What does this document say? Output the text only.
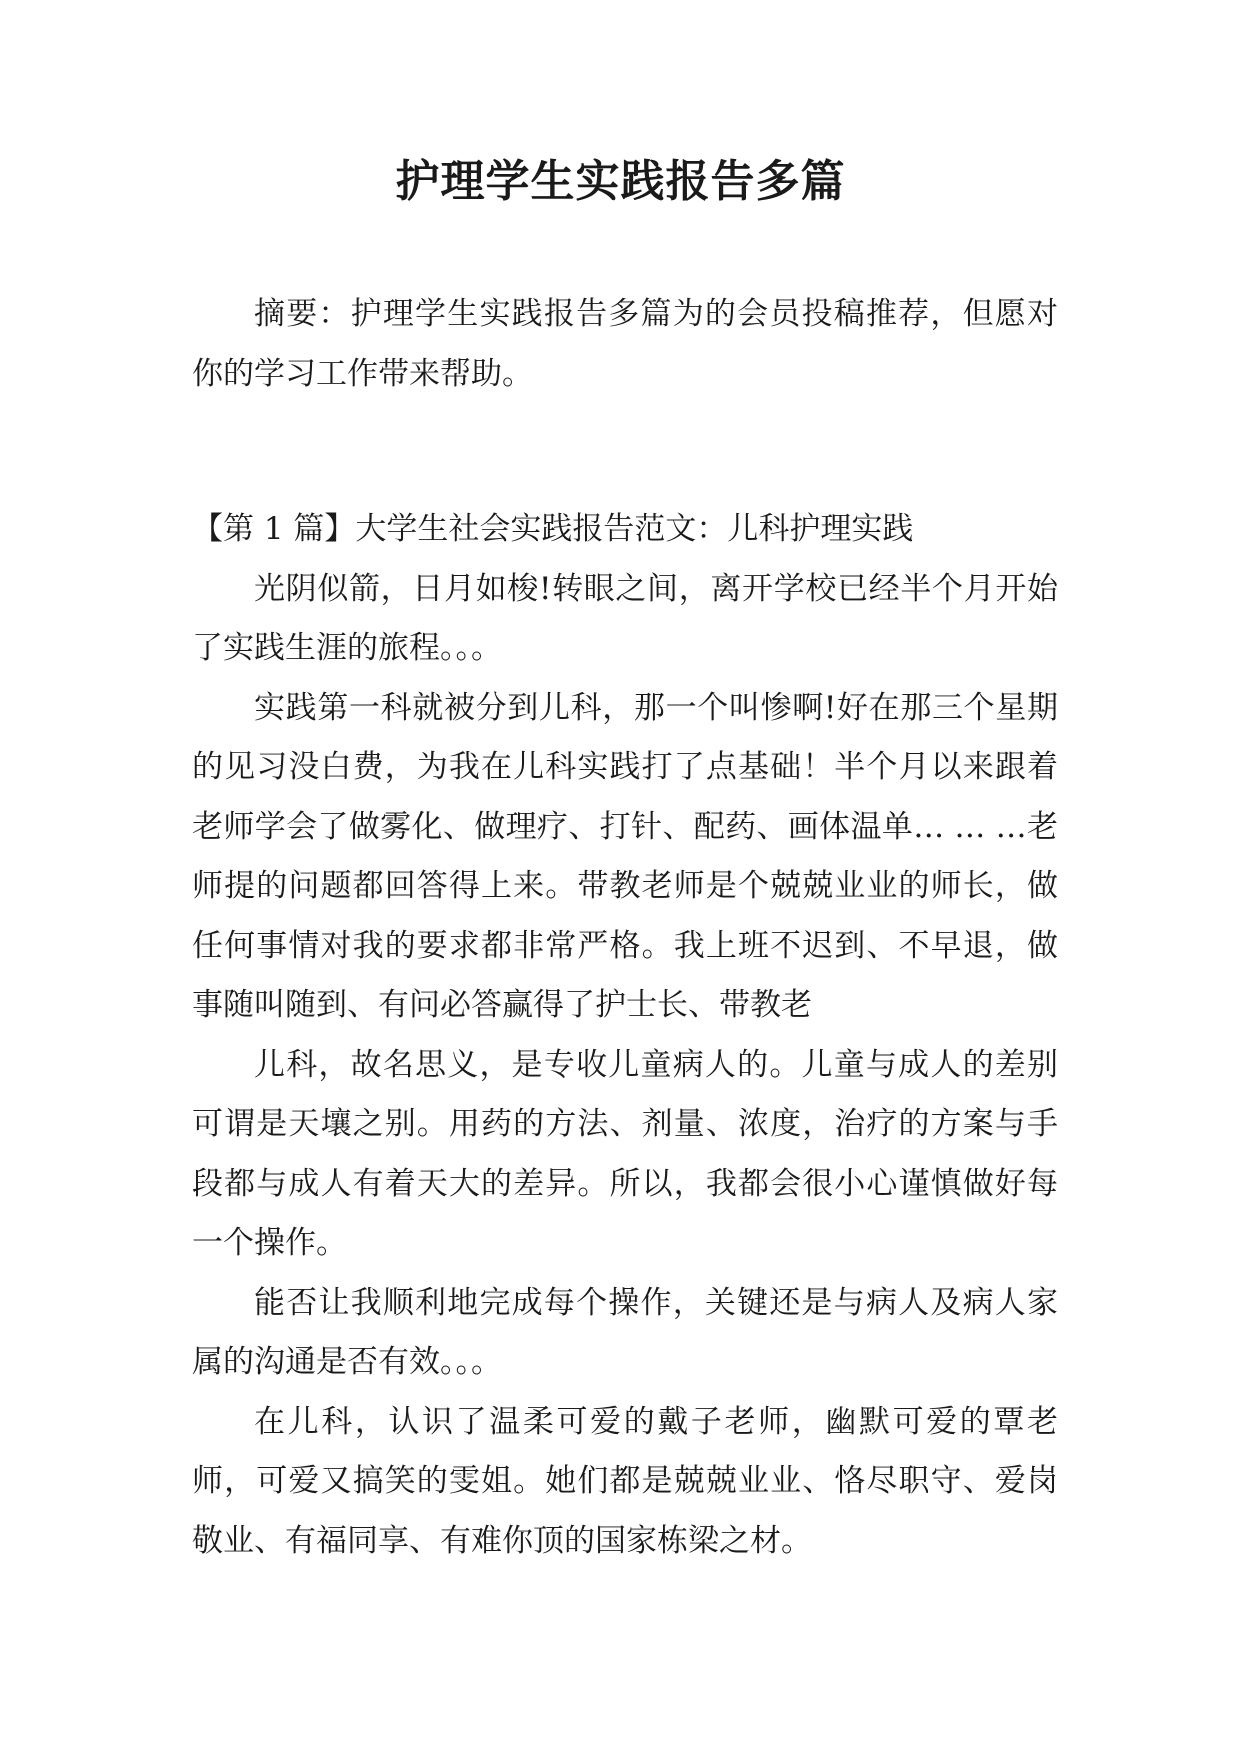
护理学生实践报告多篇

摘要：护理学生实践报告多篇为的会员投稿推荐，但愿对你的学习工作带来帮助。

【第 1 篇】大学生社会实践报告范文：儿科护理实践

光阴似箭，日月如梭!转眼之间，离开学校已经半个月开始了实践生涯的旅程。。。

实践第一科就被分到儿科，那一个叫惨啊!好在那三个星期的见习没白费，为我在儿科实践打了点基础！半个月以来跟着老师学会了做雾化、做理疗、打针、配药、画体温单… … …老师提的问题都回答得上来。带教老师是个兢兢业业的师长，做任何事情对我的要求都非常严格。我上班不迟到、不早退，做事随叫随到、有问必答赢得了护士长、带教老

儿科，故名思义，是专收儿童病人的。儿童与成人的差别可谓是天壤之别。用药的方法、剂量、浓度，治疗的方案与手段都与成人有着天大的差异。所以，我都会很小心谨慎做好每一个操作。

能否让我顺利地完成每个操作，关键还是与病人及病人家属的沟通是否有效。。。

在儿科，认识了温柔可爱的戴子老师，幽默可爱的覃老师，可爱又搞笑的雯姐。她们都是兢兢业业、恪尽职守、爱岗敬业、有福同享、有难你顶的国家栋梁之材。
